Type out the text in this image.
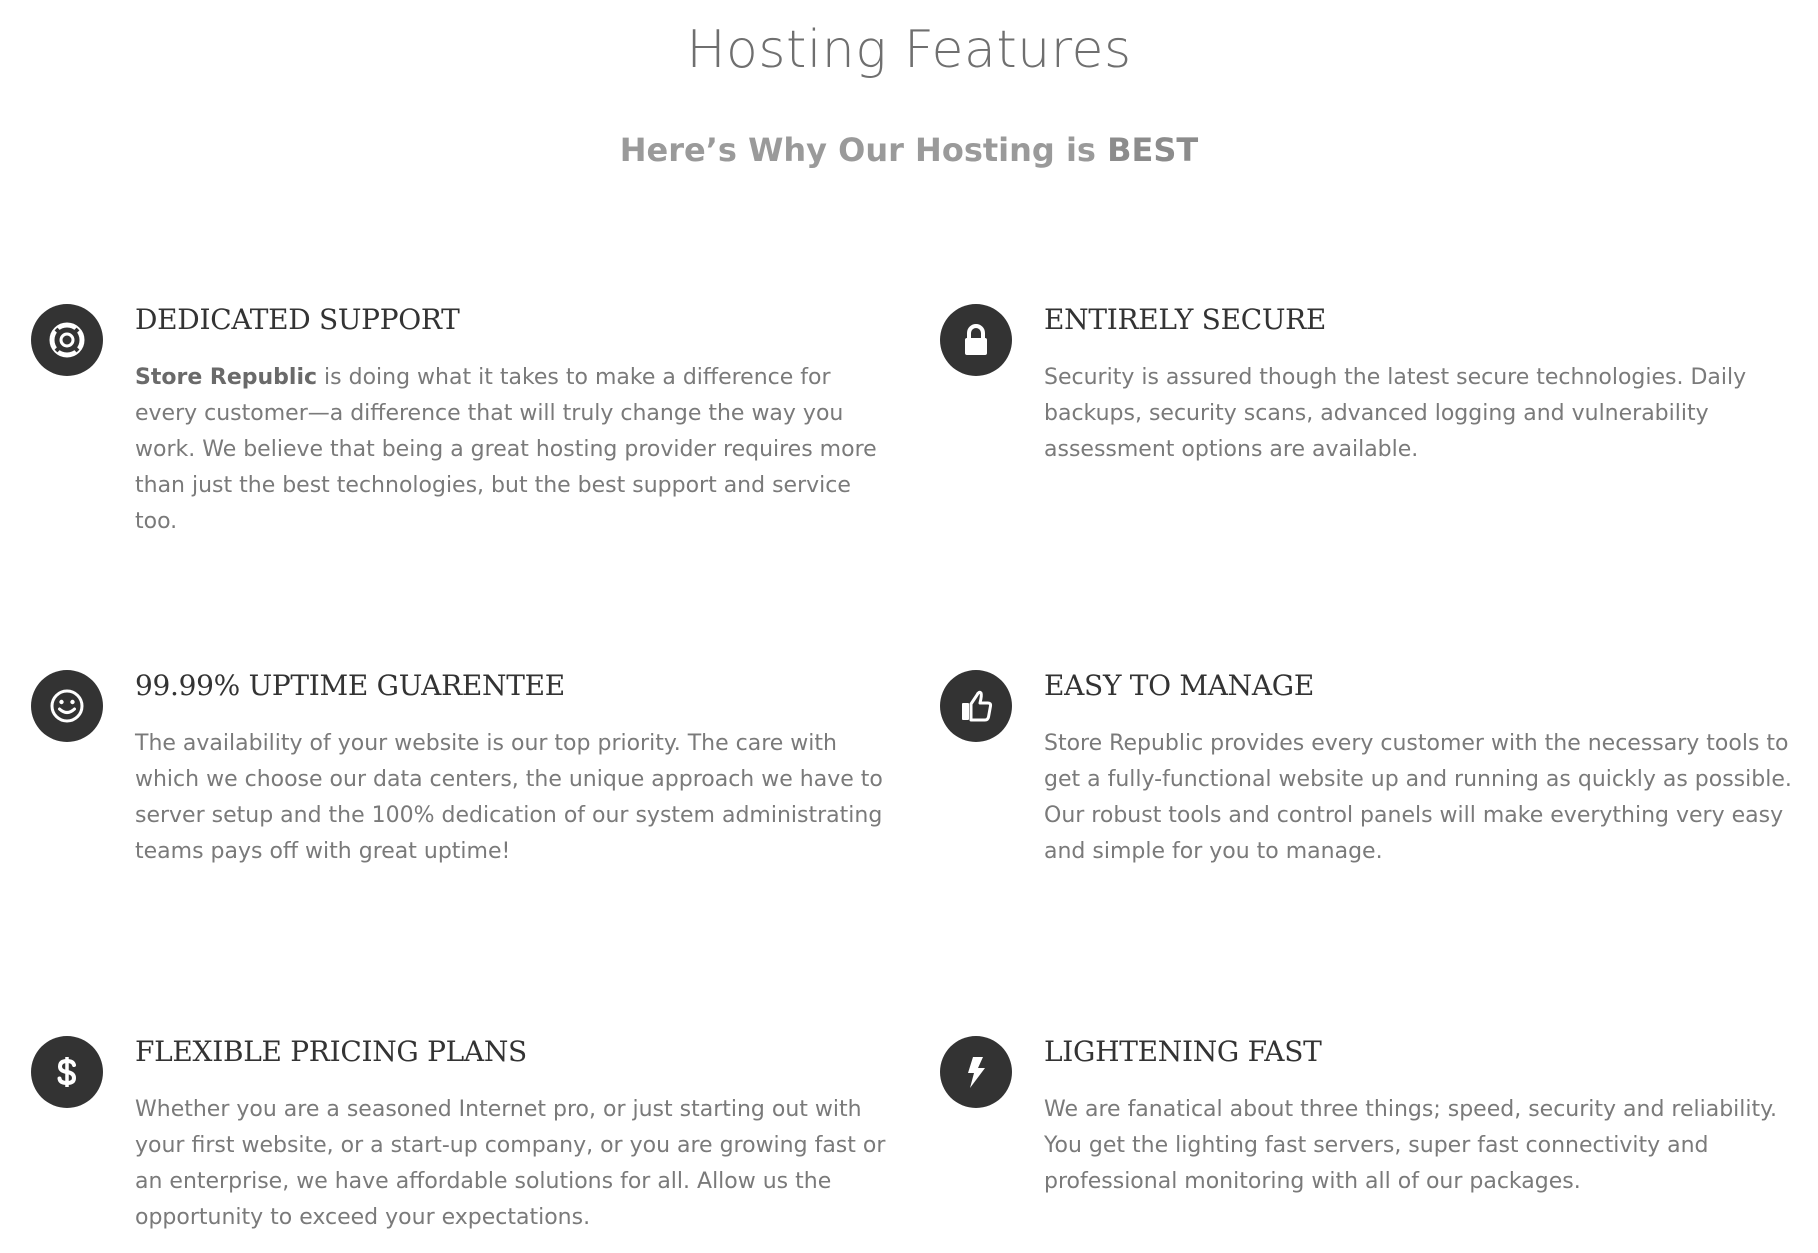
Hosting Features
Here’s Why Our Hosting is BEST
DEDICATED SUPPORT

Store Republic is doing what it takes to make a difference for every customer—a difference that will truly change the way you work. We believe that being a great hosting provider requires more than just the best technologies, but the best support and service too.

ENTIRELY SECURE

Security is assured though the latest secure technologies. Daily backups, security scans, advanced logging and vulnerability assessment options are available.

99.99% UPTIME GUARENTEE

The availability of your website is our top priority. The care with which we choose our data centers, the unique approach we have to server setup and the 100% dedication of our system administrating teams pays off with great uptime!

EASY TO MANAGE

Store Republic provides every customer with the necessary tools to get a fully-functional website up and running as quickly as possible. Our robust tools and control panels will make everything very easy and simple for you to manage.

FLEXIBLE PRICING PLANS

Whether you are a seasoned Internet pro, or just starting out with your first website, or a start-up company, or you are growing fast or an enterprise, we have affordable solutions for all. Allow us the opportunity to exceed your expectations.

LIGHTENING FAST

We are fanatical about three things; speed, security and reliability. You get the lighting fast servers, super fast connectivity and professional monitoring with all of our packages.
